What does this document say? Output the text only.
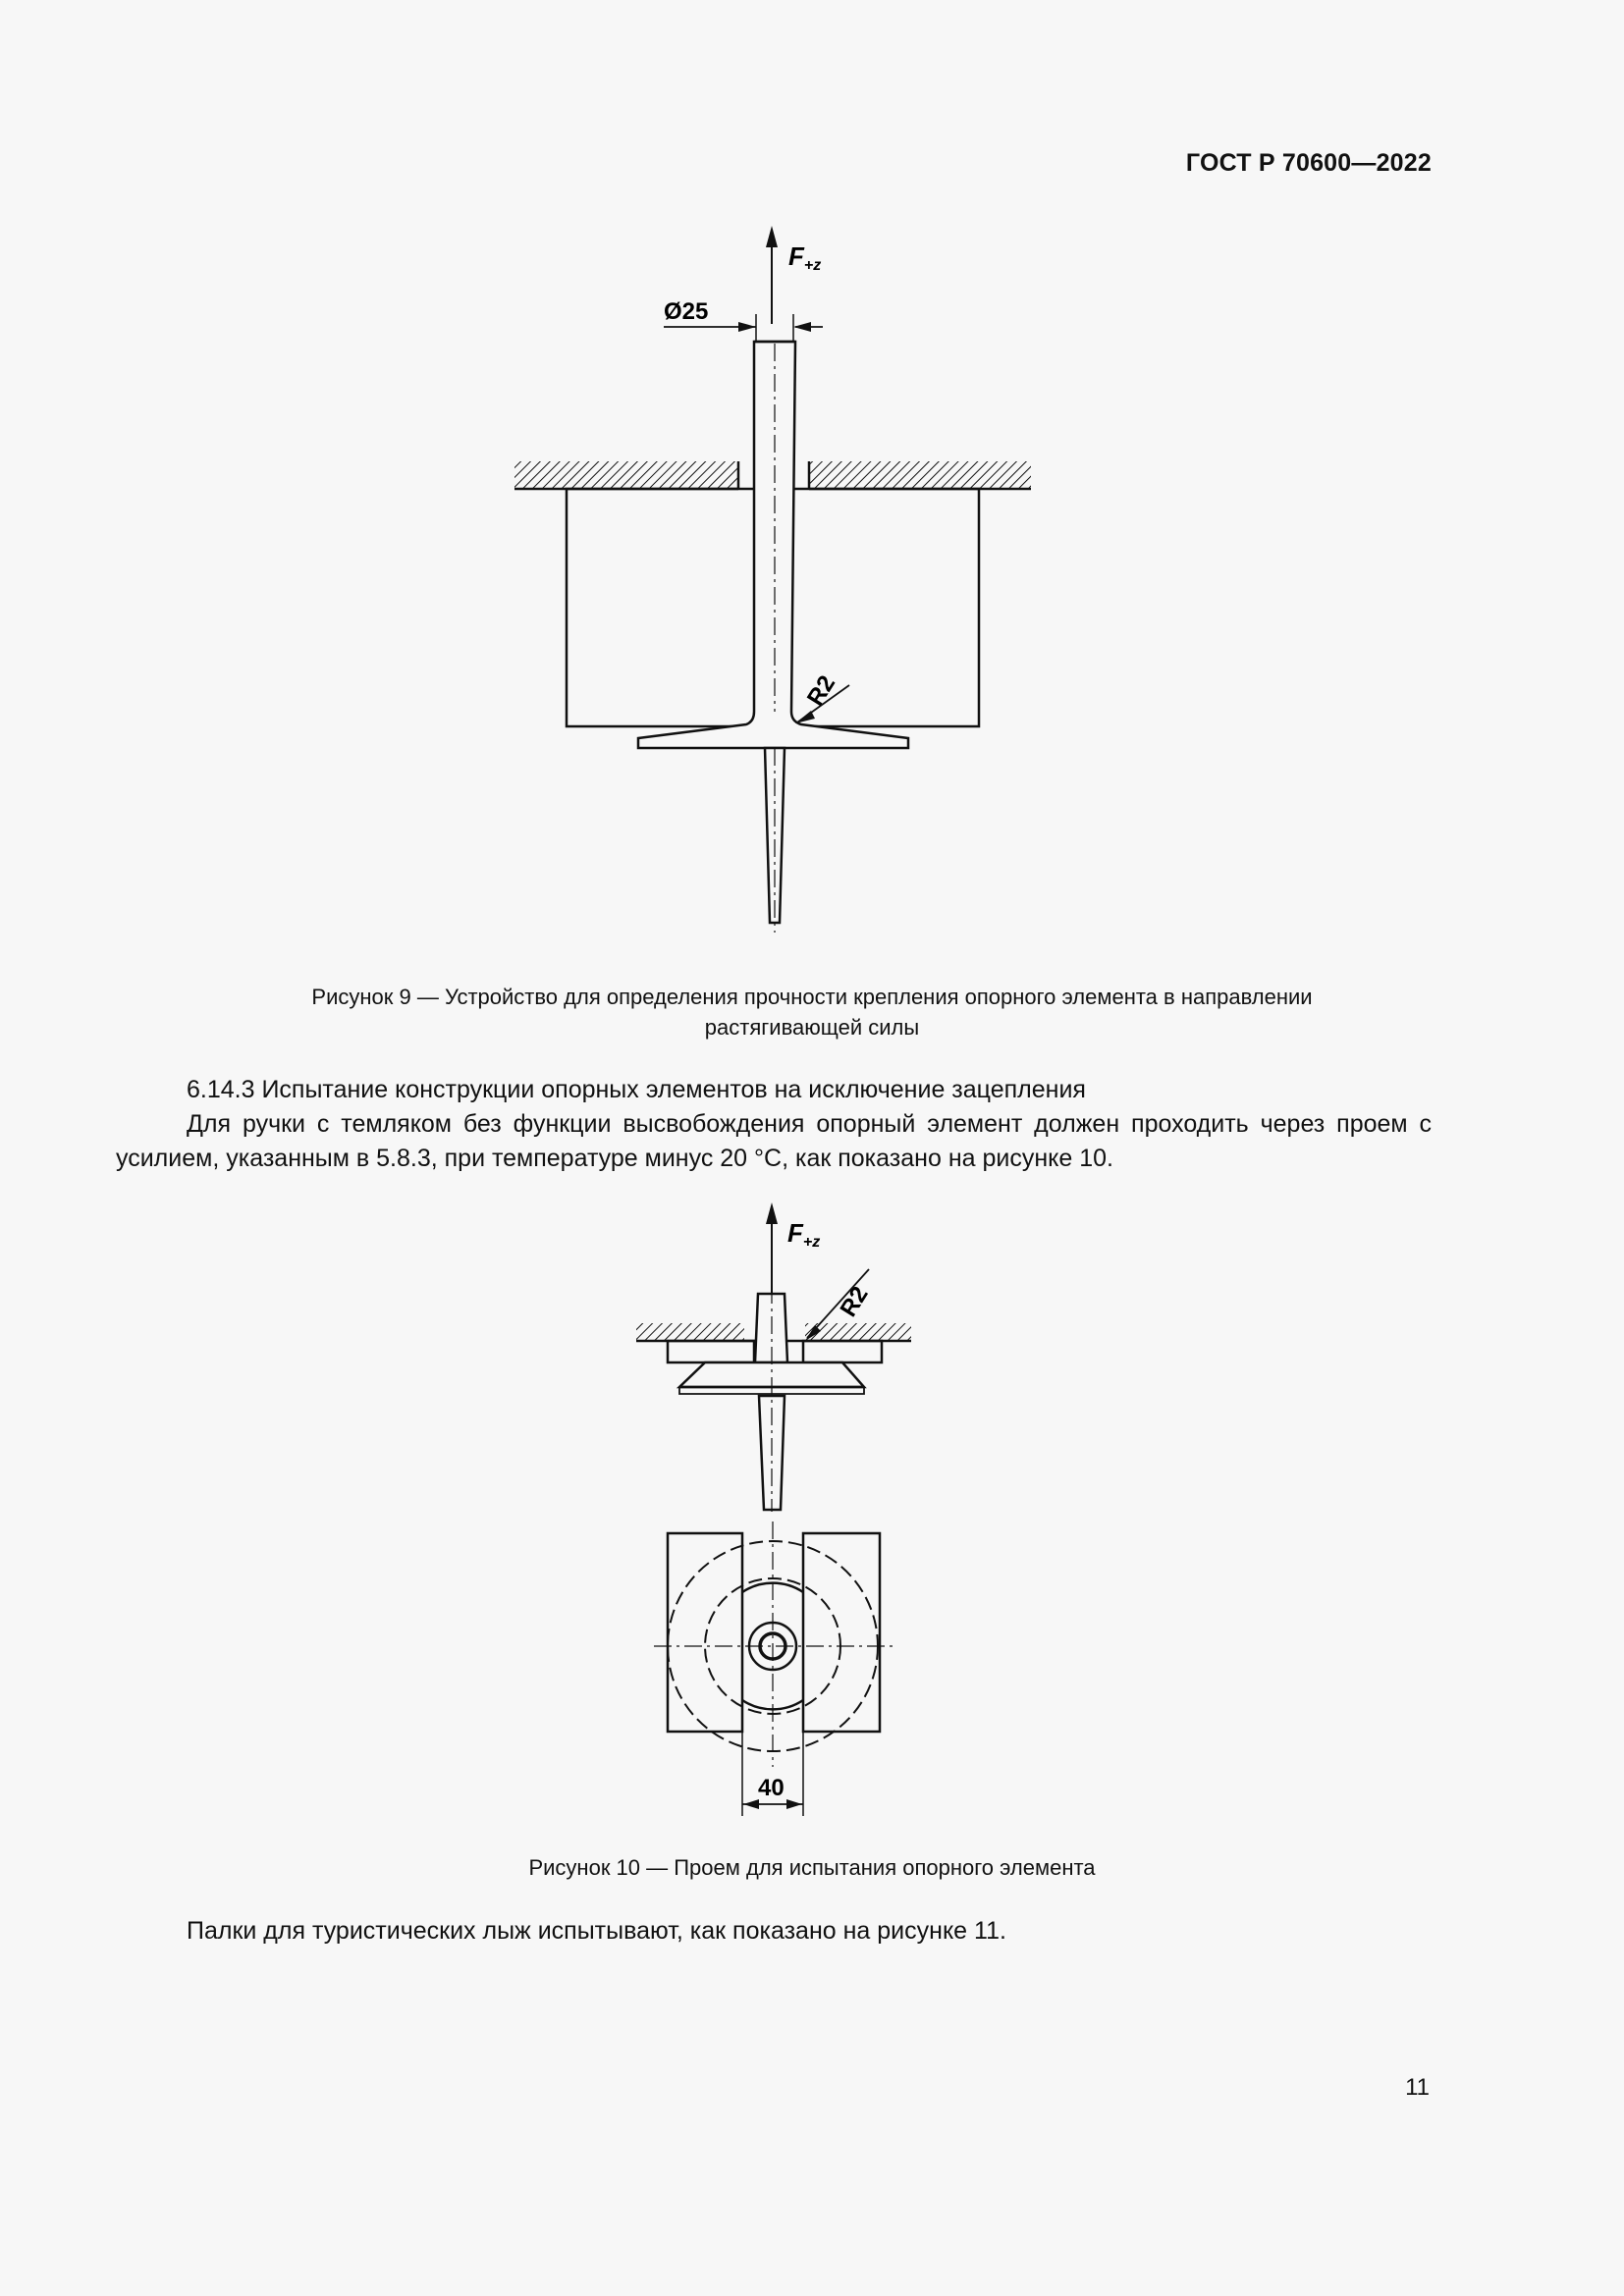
ГОСТ Р 70600—2022
F+z
Ø25
R2
Рисунок 9 — Устройство для определения прочности крепления опорного элемента в направлении
растягивающей силы
6.14.3 Испытание конструкции опорных элементов на исключение зацепления
Для ручки с темляком без функции высвобождения опорный элемент должен проходить через проем с усилием, указанным в 5.8.3, при температуре минус 20 °С, как показано на рисунке 10.
F+z
R2
40
Рисунок 10 — Проем для испытания опорного элемента
Палки для туристических лыж испытывают, как показано на рисунке 11.
11
